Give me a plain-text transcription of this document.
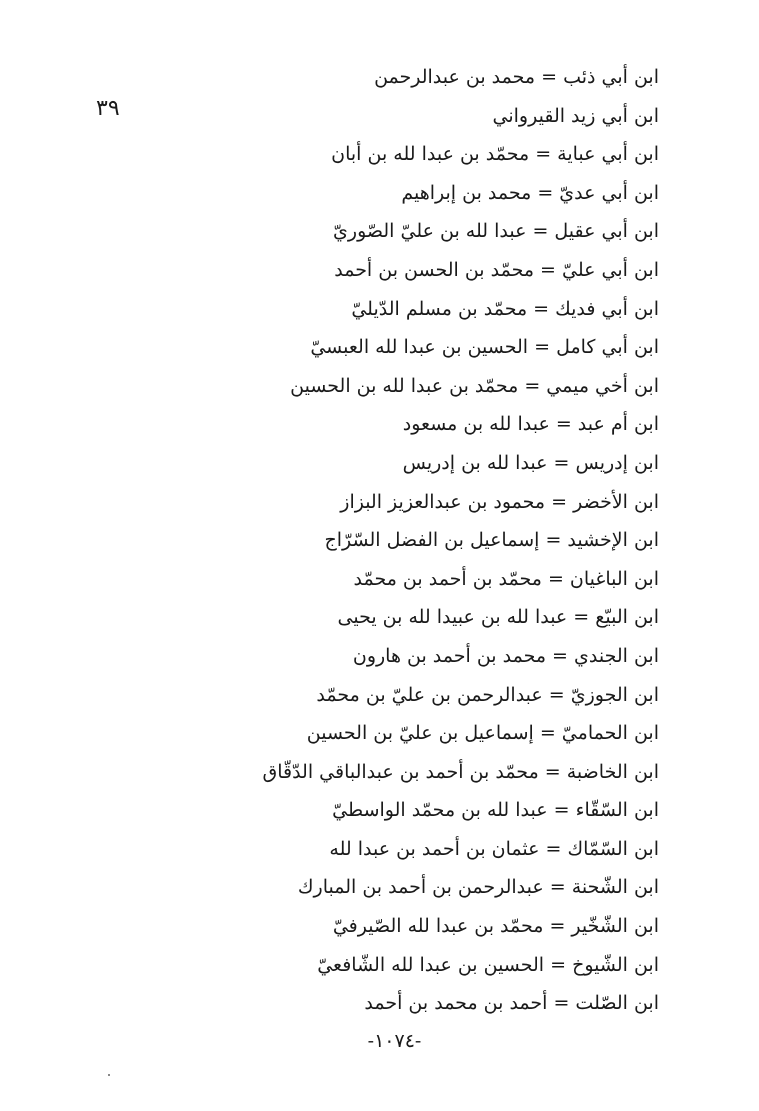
٣٩
ابن أبي ذئب = محمد بن عبدالرحمن
ابن أبي زيد القيرواني
ابن أبي عباية = محمّد بن عبدا لله بن أبان
ابن أبي عديّ = محمد بن إبراهيم
ابن أبي عقيل = عبدا لله بن عليّ الصّوريّ
ابن أبي عليّ = محمّد بن الحسن بن أحمد
ابن أبي فديك = محمّد بن مسلم الدّيليّ
ابن أبي كامل = الحسين بن عبدا لله العبسيّ
ابن أخي ميمي = محمّد بن عبدا لله بن الحسين
ابن أم عبد = عبدا لله بن مسعود
ابن إدريس = عبدا لله بن إدريس
ابن الأخضر = محمود بن عبدالعزيز البزاز
ابن الإخشيد = إسماعيل بن الفضل السّرّاج
ابن الباغيان = محمّد بن أحمد بن محمّد
ابن البيّع = عبدا لله بن عبيدا لله بن يحيى
ابن الجندي = محمد بن أحمد بن هارون
ابن الجوزيّ = عبدالرحمن بن عليّ بن محمّد
ابن الحماميّ = إسماعيل بن عليّ بن الحسين
ابن الخاضبة = محمّد بن أحمد بن عبدالباقي الدّقّاق
ابن السّقّاء = عبدا لله بن محمّد الواسطيّ
ابن السّمّاك = عثمان بن أحمد بن عبدا لله
ابن الشّحنة = عبدالرحمن بن أحمد بن المبارك
ابن الشّخّير = محمّد بن عبدا لله الصّيرفيّ
ابن الشّيوخ = الحسين بن عبدا لله الشّافعيّ
ابن الصّلت = أحمد بن محمد بن أحمد
-١٠٧٤-
